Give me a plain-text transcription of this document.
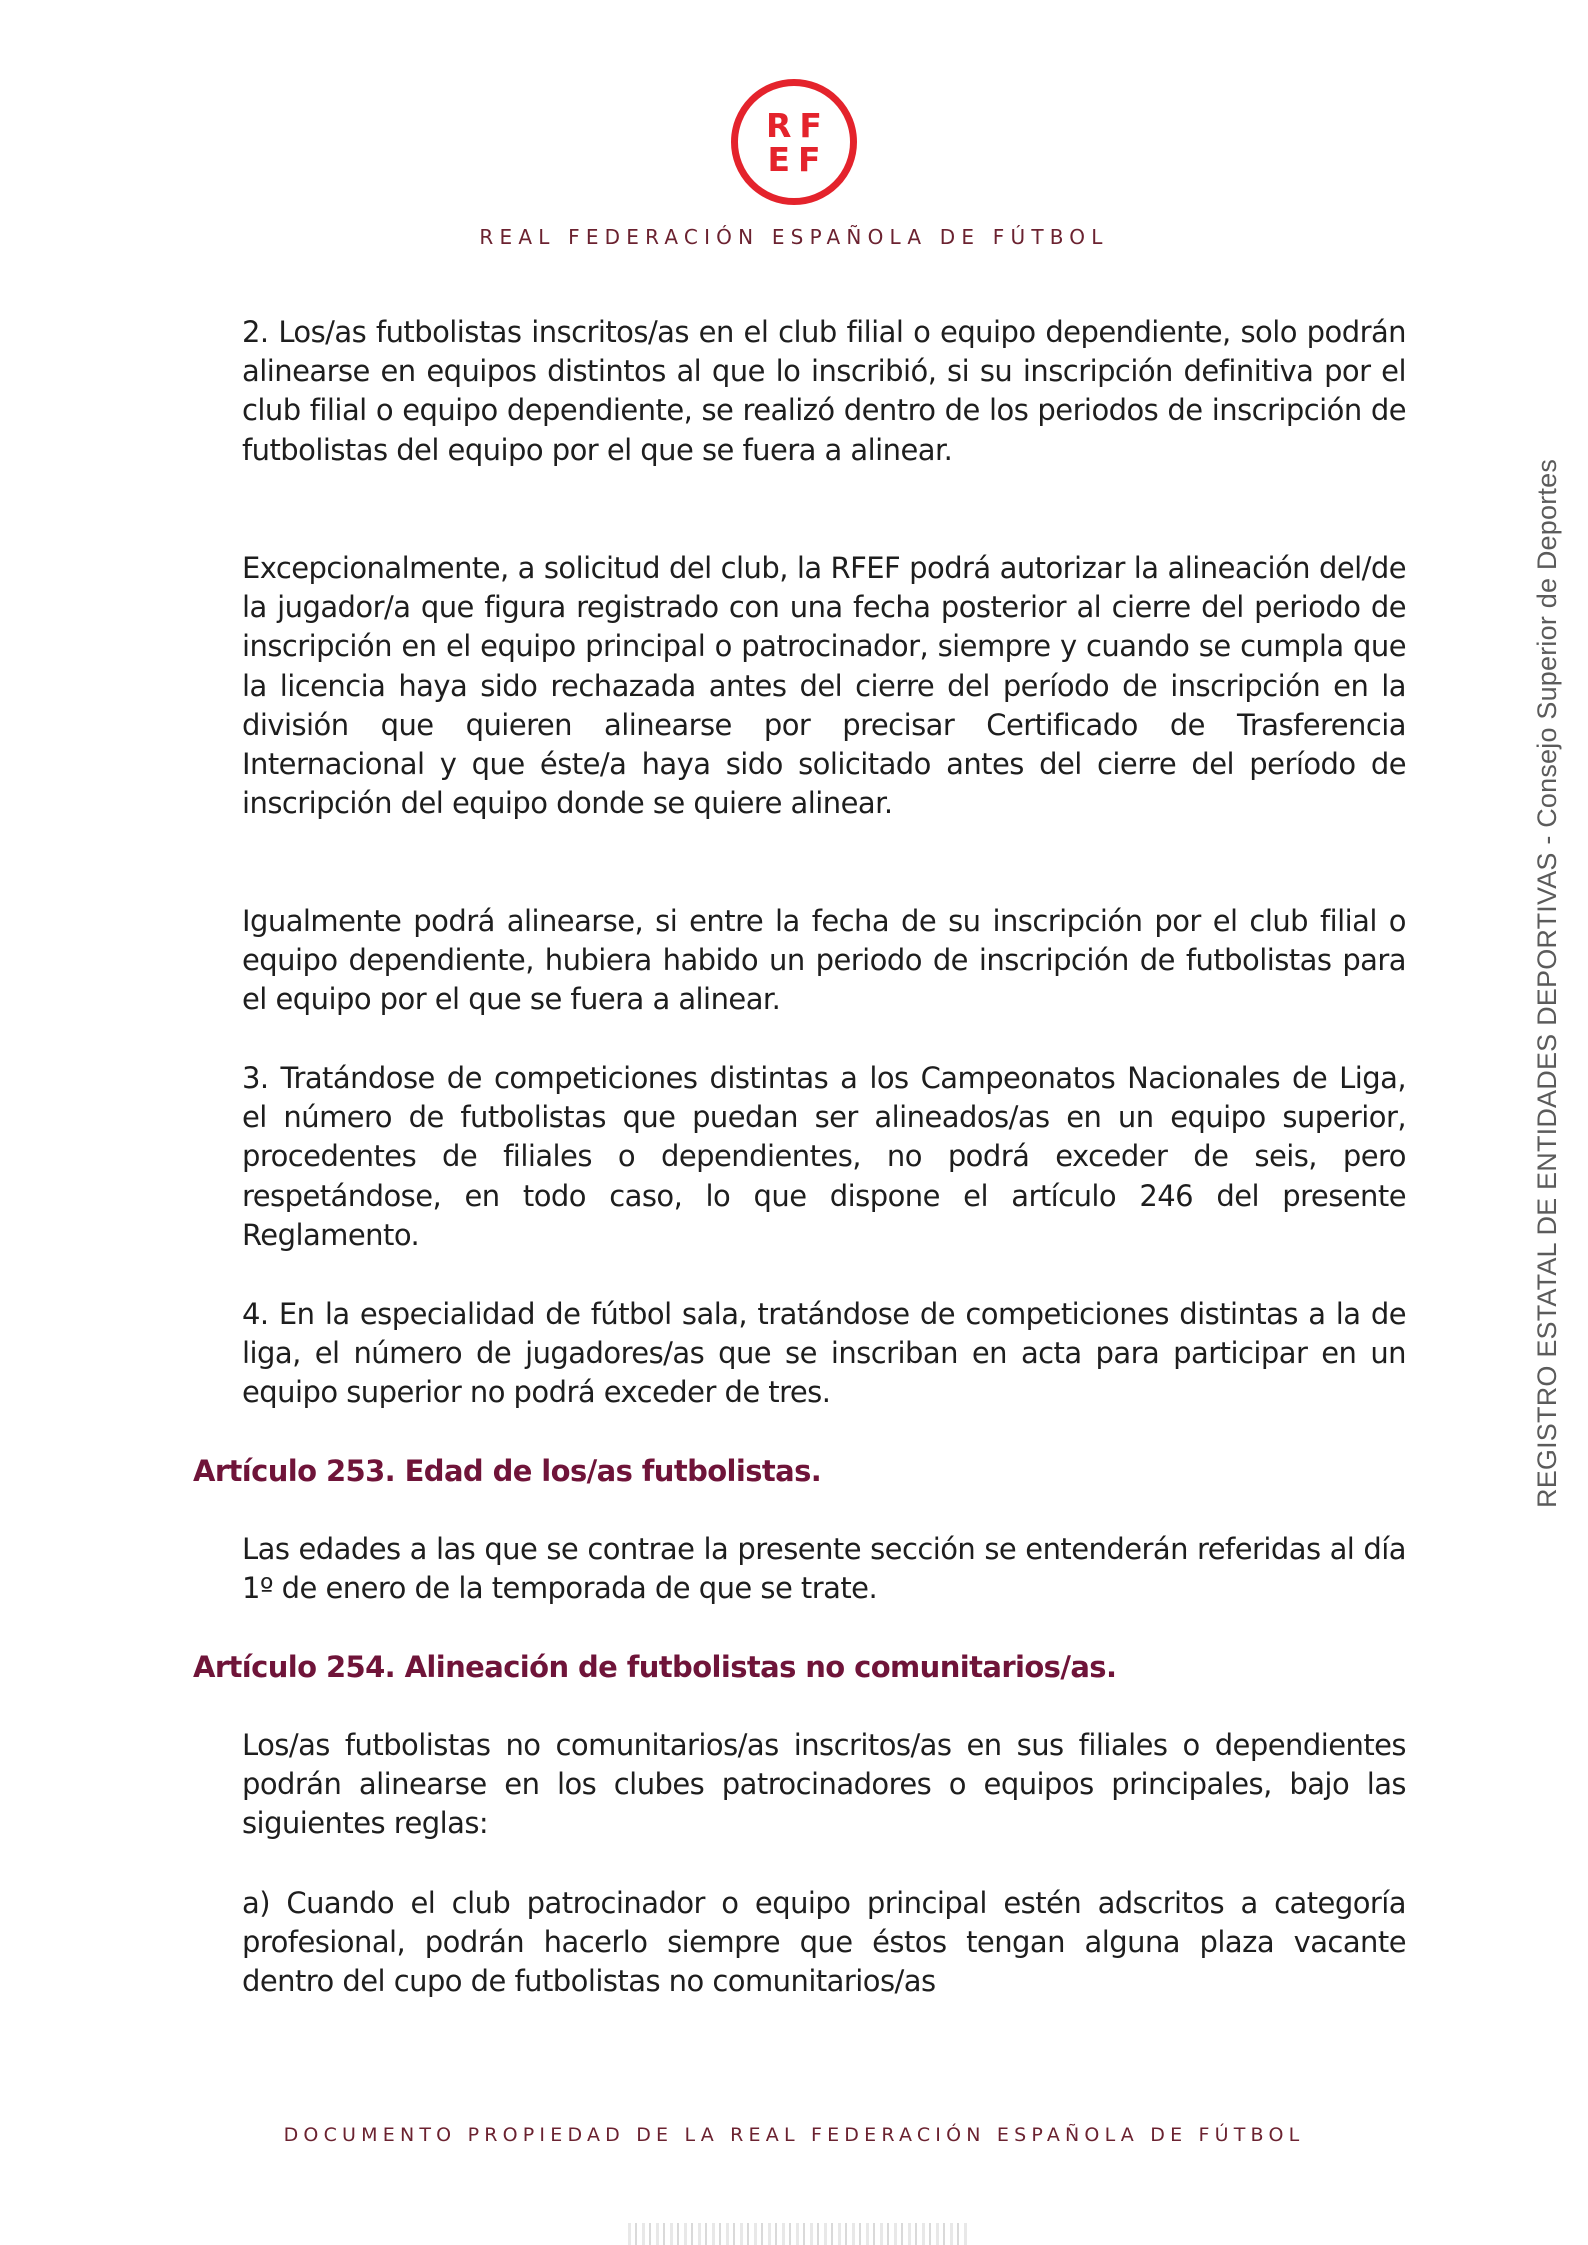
RF
EF
REAL FEDERACIÓN ESPAÑOLA DE FÚTBOL
REGISTRO ESTATAL DE ENTIDADES DEPORTIVAS - Consejo Superior de Deportes

2. Los/as futbolistas inscritos/as en el club filial o equipo dependiente, solo podrán alinearse en equipos distintos al que lo inscribió, si su inscripción definitiva por el club filial o equipo dependiente, se realizó dentro de los periodos de inscripción de futbolistas del equipo por el que se fuera a alinear.

Excepcionalmente, a solicitud del club, la RFEF podrá autorizar la alineación del/de la jugador/a que figura registrado con una fecha posterior al cierre del periodo de inscripción en el equipo principal o patrocinador, siempre y cuando se cumpla que la licencia haya sido rechazada antes del cierre del período de inscripción en la división que quieren alinearse por precisar Certificado de Trasferencia Internacional y que éste/a haya sido solicitado antes del cierre del período de inscripción del equipo donde se quiere alinear.

Igualmente podrá alinearse, si entre la fecha de su inscripción por el club filial o equipo dependiente, hubiera habido un periodo de inscripción de futbolistas para el equipo por el que se fuera a alinear.

3. Tratándose de competiciones distintas a los Campeonatos Nacionales de Liga, el número de futbolistas que puedan ser alineados/as en un equipo superior, procedentes de filiales o dependientes, no podrá exceder de seis, pero respetándose, en todo caso, lo que dispone el artículo 246 del presente Reglamento.

4. En la especialidad de fútbol sala, tratándose de competiciones distintas a la de liga, el número de jugadores/as que se inscriban en acta para participar en un equipo superior no podrá exceder de tres.

Artículo 253. Edad de los/as futbolistas.

Las edades a las que se contrae la presente sección se entenderán referidas al día 1º de enero de la temporada de que se trate.

Artículo 254. Alineación de futbolistas no comunitarios/as.

Los/as futbolistas no comunitarios/as inscritos/as en sus filiales o dependientes podrán alinearse en los clubes patrocinadores o equipos principales, bajo las siguientes reglas:

a) Cuando el club patrocinador o equipo principal estén adscritos a categoría profesional, podrán hacerlo siempre que éstos tengan alguna plaza vacante dentro del cupo de futbolistas no comunitarios/as

DOCUMENTO PROPIEDAD DE LA REAL FEDERACIÓN ESPAÑOLA DE FÚTBOL
